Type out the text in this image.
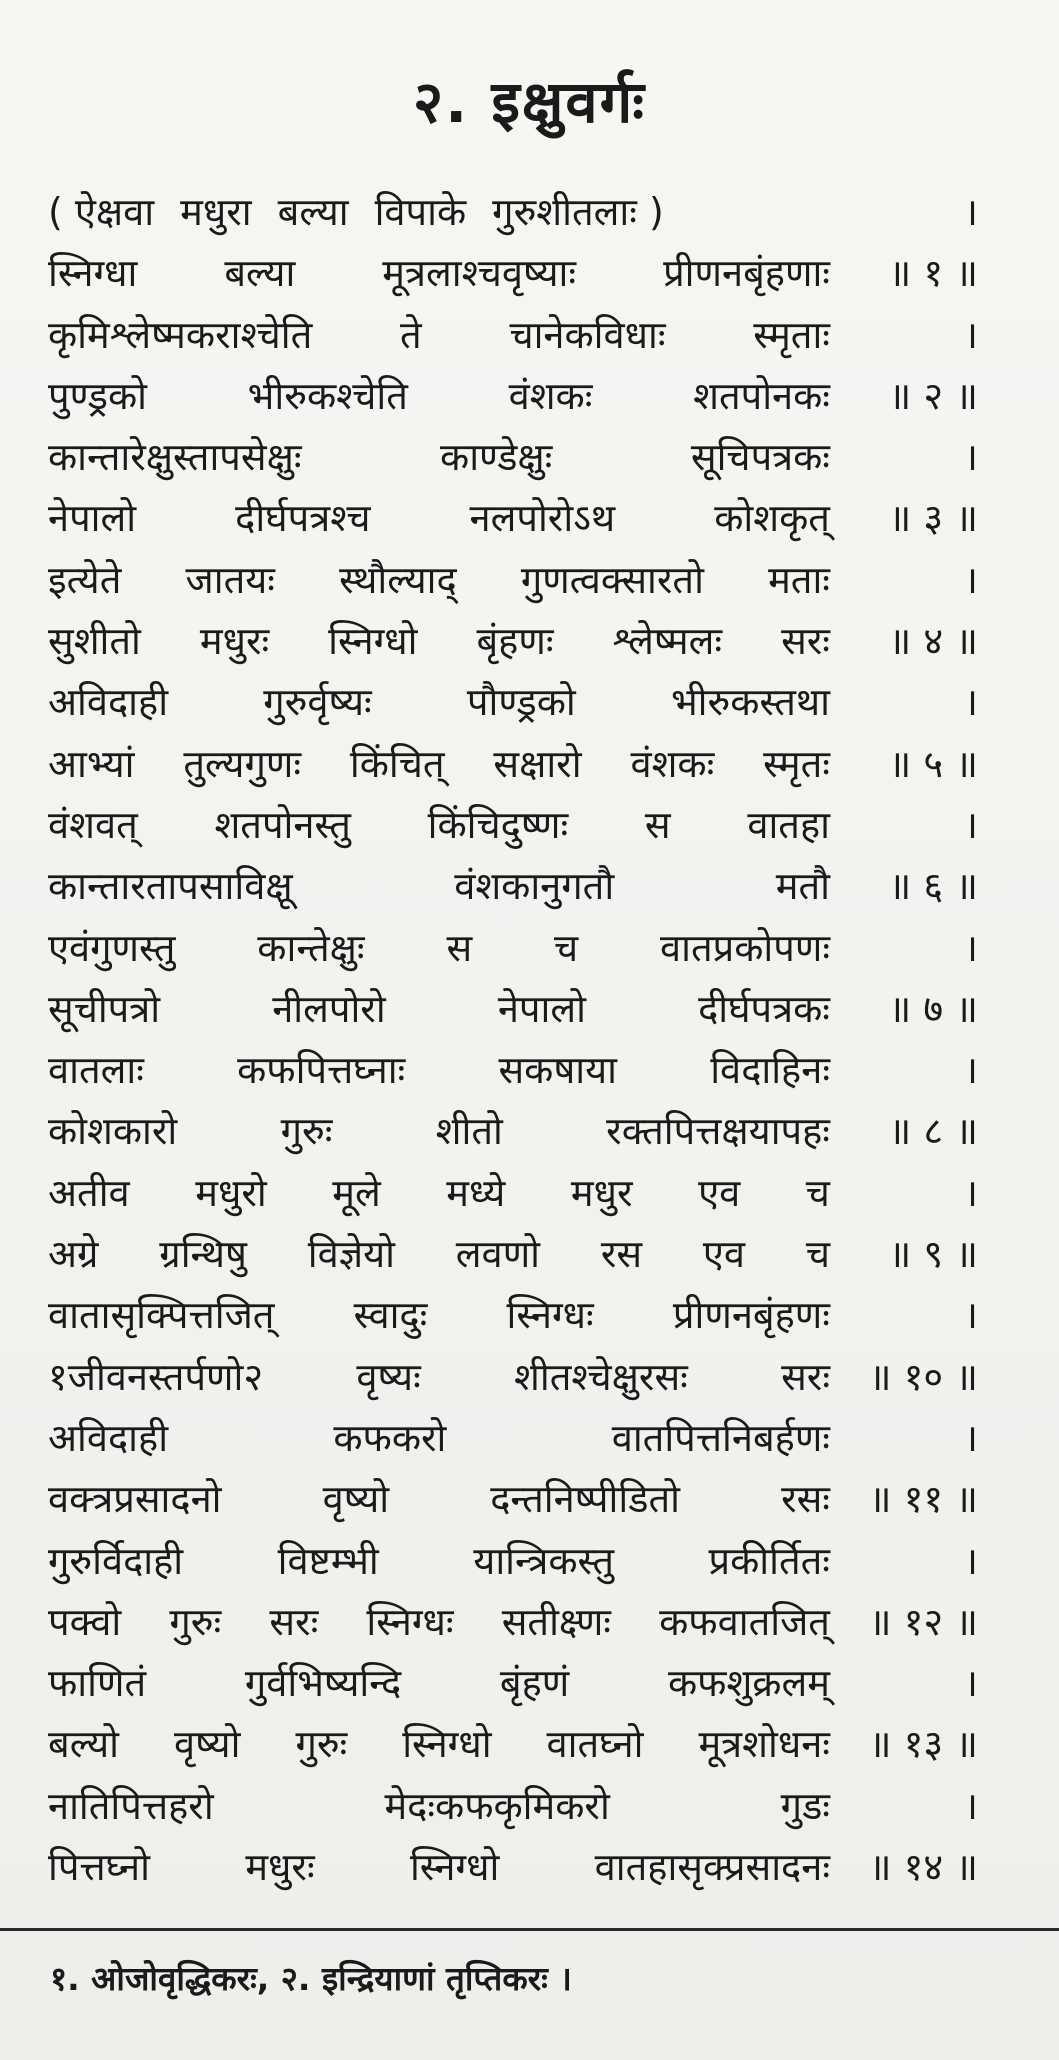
२. इक्षुवर्गः
( ऐक्षवा मधुरा बल्या विपाके गुरुशीतलाः )	।
स्निग्धा बल्या मूत्रलाश्चवृष्याः प्रीणनबृंहणाः	॥ १ ॥
कृमिश्लेष्मकराश्चेति ते चानेकविधाः स्मृताः	।
पुण्ड्रको	भीरुकश्चेति	वंशकः	शतपोनकः	॥ २ ॥
कान्तारेक्षुस्तापसेक्षुः	काण्डेक्षुः	सूचिपत्रकः	।
नेपालो	दीर्घपत्रश्च	नलपोरोऽथ	कोशकृत्	॥ ३ ॥
इत्येते जातयः स्थौल्याद् गुणत्वक्सारतो मताः	।
सुशीतो मधुरः स्निग्धो बृंहणः श्लेष्मलः सरः	॥ ४ ॥
अविदाही	गुरुर्वृष्यः	पौण्ड्रको	भीरुकस्तथा	।
आभ्यां तुल्यगुणः किंचित् सक्षारो वंशकः स्मृतः	॥ ५ ॥
वंशवत् शतपोनस्तु किंचिदुष्णः स वातहा	।
कान्तारतापसाविक्षू	वंशकानुगतौ	मतौ	॥ ६ ॥
एवंगुणस्तु कान्तेक्षुः स च वातप्रकोपणः	।
सूचीपत्रो	नीलपोरो	नेपालो	दीर्घपत्रकः	॥ ७ ॥
वातलाः कफपित्तघ्नाः सकषाया विदाहिनः	।
कोशकारो	गुरुः	शीतो	रक्तपित्तक्षयापहः	॥ ८ ॥
अतीव मधुरो मूले मध्ये मधुर एव च	।
अग्रे ग्रन्थिषु विज्ञेयो लवणो रस एव च	॥ ९ ॥
वातासृक्पित्तजित् स्वादुः स्निग्धः प्रीणनबृंहणः	।
१जीवनस्तर्पणो२ वृष्यः शीतश्चेक्षुरसः सरः	॥ १० ॥
अविदाही	कफकरो	वातपित्तनिबर्हणः	।
वक्त्रप्रसादनो	वृष्यो	दन्तनिष्पीडितो	रसः	॥ ११ ॥
गुरुर्विदाही विष्टम्भी यान्त्रिकस्तु प्रकीर्तितः	।
पक्वो गुरुः सरः स्निग्धः सतीक्ष्णः कफवातजित्	॥ १२ ॥
फाणितं	गुर्वभिष्यन्दि	बृंहणं	कफशुक्रलम्	।
बल्यो वृष्यो गुरुः स्निग्धो वातघ्नो मूत्रशोधनः	॥ १३ ॥
नातिपित्तहरो	मेदःकफकृमिकरो	गुडः	।
पित्तघ्नो	मधुरः	स्निग्धो	वातहासृक्प्रसादनः	॥ १४ ॥
१. ओजोवृद्धिकरः, २. इन्द्रियाणां तृप्तिकरः ।
